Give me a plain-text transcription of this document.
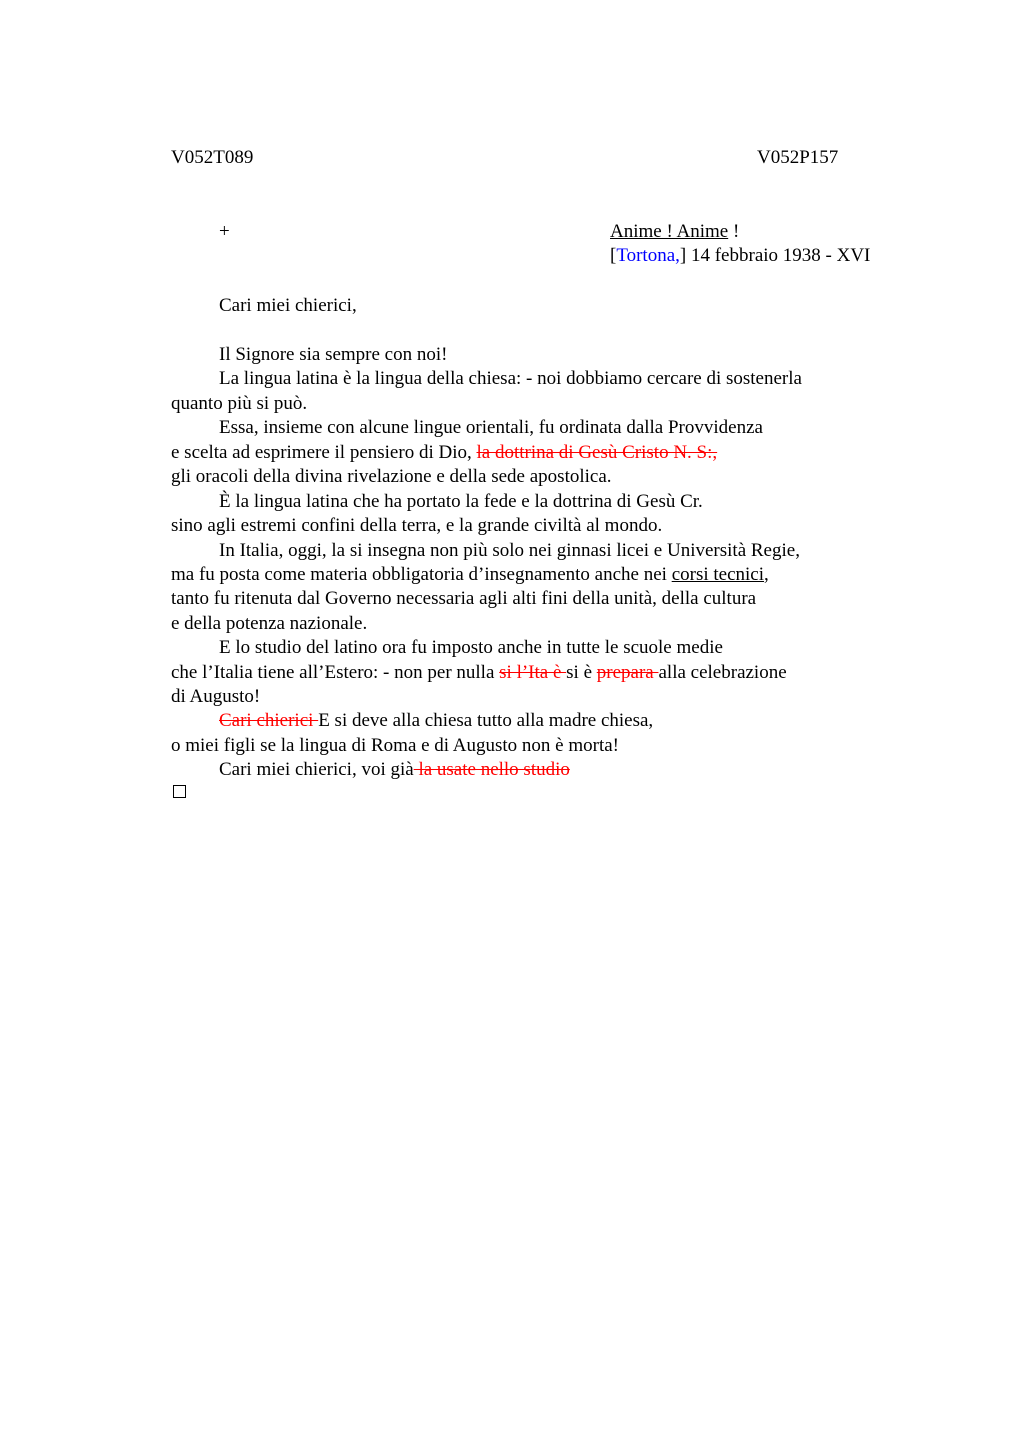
V052T089	V052P157
+	Anime ! Anime !
[Tortona,] 14 febbraio 1938 - XVI
Cari miei chierici,
Il Signore sia sempre con noi!
La lingua latina è la lingua della chiesa: - noi dobbiamo cercare di sostenerla
quanto più si può.
Essa, insieme con alcune lingue orientali, fu ordinata dalla Provvidenza
e scelta ad esprimere il pensiero di Dio, la dottrina di Gesù Cristo N. S:,
gli oracoli della divina rivelazione e della sede apostolica.
È la lingua latina che ha portato la fede e la dottrina di Gesù Cr.
sino agli estremi confini della terra, e la grande civiltà al mondo.
In Italia, oggi, la si insegna non più solo nei ginnasi licei e Università Regie,
ma fu posta come materia obbligatoria d’insegnamento anche nei corsi tecnici,
tanto fu ritenuta dal Governo necessaria agli alti fini della unità, della cultura
e della potenza nazionale.
E lo studio del latino ora fu imposto anche in tutte le scuole medie
che l’Italia tiene all’Estero: - non per nulla si l’Ita è si è prepara alla celebrazione
di Augusto!
Cari chierici E si deve alla chiesa tutto alla madre chiesa,
o miei figli se la lingua di Roma e di Augusto non è morta!
Cari miei chierici, voi già la usate nello studio
